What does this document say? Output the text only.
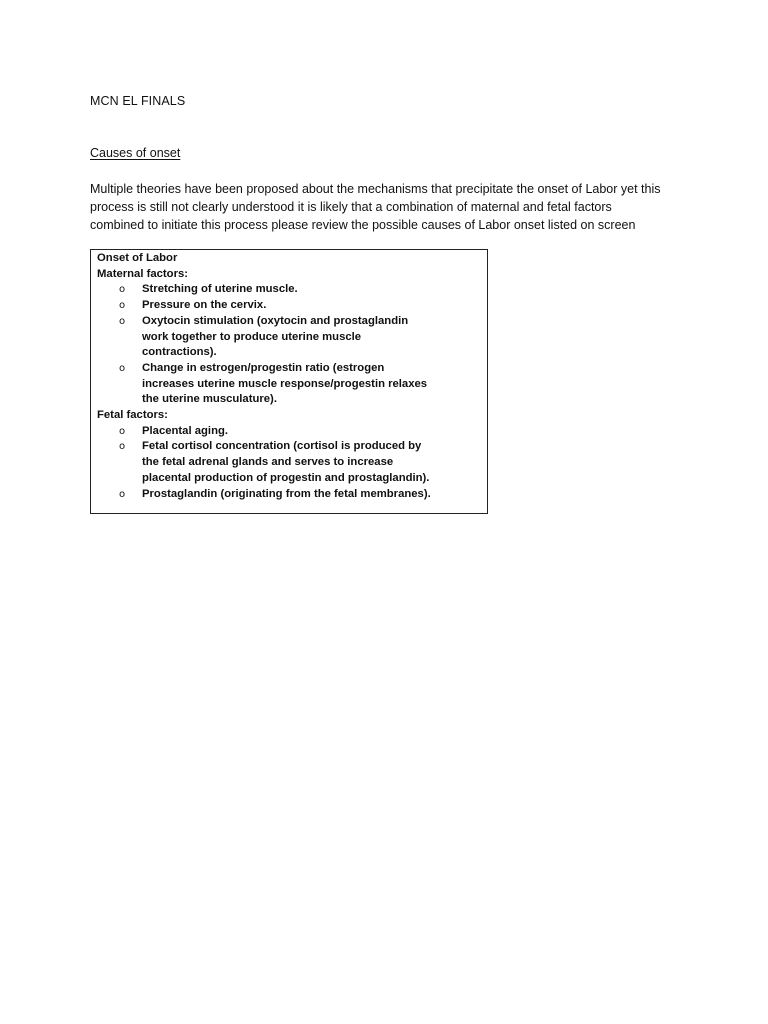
MCN EL FINALS
Causes of onset

Multiple theories have been proposed about the mechanisms that precipitate the onset of Labor yet this
process is still not clearly understood it is likely that a combination of maternal and fetal factors
combined to initiate this process please review the possible causes of Labor onset listed on screen

Onset of Labor
Maternal factors:
o Stretching of uterine muscle.
o Pressure on the cervix.
o Oxytocin stimulation (oxytocin and prostaglandin
work together to produce uterine muscle
contractions).
o Change in estrogen/progestin ratio (estrogen
increases uterine muscle response/progestin relaxes
the uterine musculature).
Fetal factors:
o Placental aging.
o Fetal cortisol concentration (cortisol is produced by
the fetal adrenal glands and serves to increase
placental production of progestin and prostaglandin).
o Prostaglandin (originating from the fetal membranes).
